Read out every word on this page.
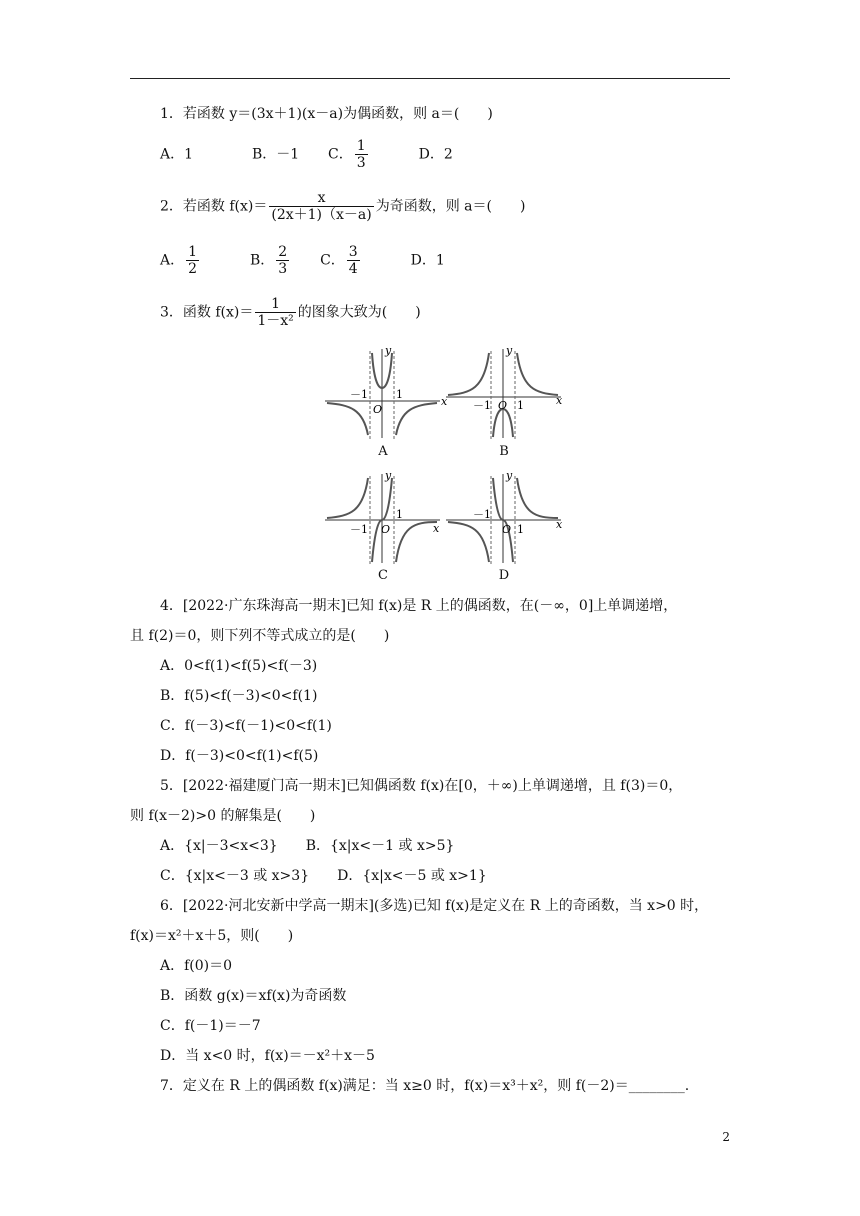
1．若函数 y＝(3x＋1)(x－a)为偶函数，则 a＝(　　)
A．1	B．－1 C． $\frac{1}{3}$	D．2
2．若函数 $f(x)= \frac{x}{(2x+1)(x-a)}$ 为奇函数，则 a＝(　　)
A． $\frac{1}{2}$	B． $\frac{2}{3}$ C． $\frac{3}{4}$	D．1
3．函数 $f(x)= \frac{1}{\text{1－x²}}$ 的图象大致为(　　)
x
y
O
－1	1
A
x
y
O
－1 1
B
x
y
O
－1
1
C
x
y
O
－1
1
D
4．[2022·广东珠海高一期末]已知 f(x)是 R 上的偶函数，在(－∞，0]上单调递增，
且 f(2)＝0，则下列不等式成立的是(　　)
A．0<f(1)<f(5)<f(－3)
B．f(5)<f(－3)<0<f(1)
C．f(－3)<f(－1)<0<f(1)
D．f(－3)<0<f(1)<f(5)
5．[2022·福建厦门高一期末]已知偶函数 f(x)在[0，＋∞)上单调递增，且 f(3)＝0，
则 f(x－2)>0 的解集是(　　)
A．{x|－3<x<3}　　B．{x|x<－1 或 x>5}
C．{x|x<－3 或 x>3}　　D．{x|x<－5 或 x>1}
6．[2022·河北安新中学高一期末](多选)已知 f(x)是定义在 R 上的奇函数，当 x>0 时，
f(x)＝x²＋x＋5，则(　　)
A．f(0)＝0
B．函数 g(x)＝xf(x)为奇函数
C．f(－1)＝－7
D．当 x<0 时，f(x)＝－x²＋x－5
7．定义在 R 上的偶函数 f(x)满足：当 x≥0 时，f(x)＝x³＋x²，则 f(－2)＝________.
2
